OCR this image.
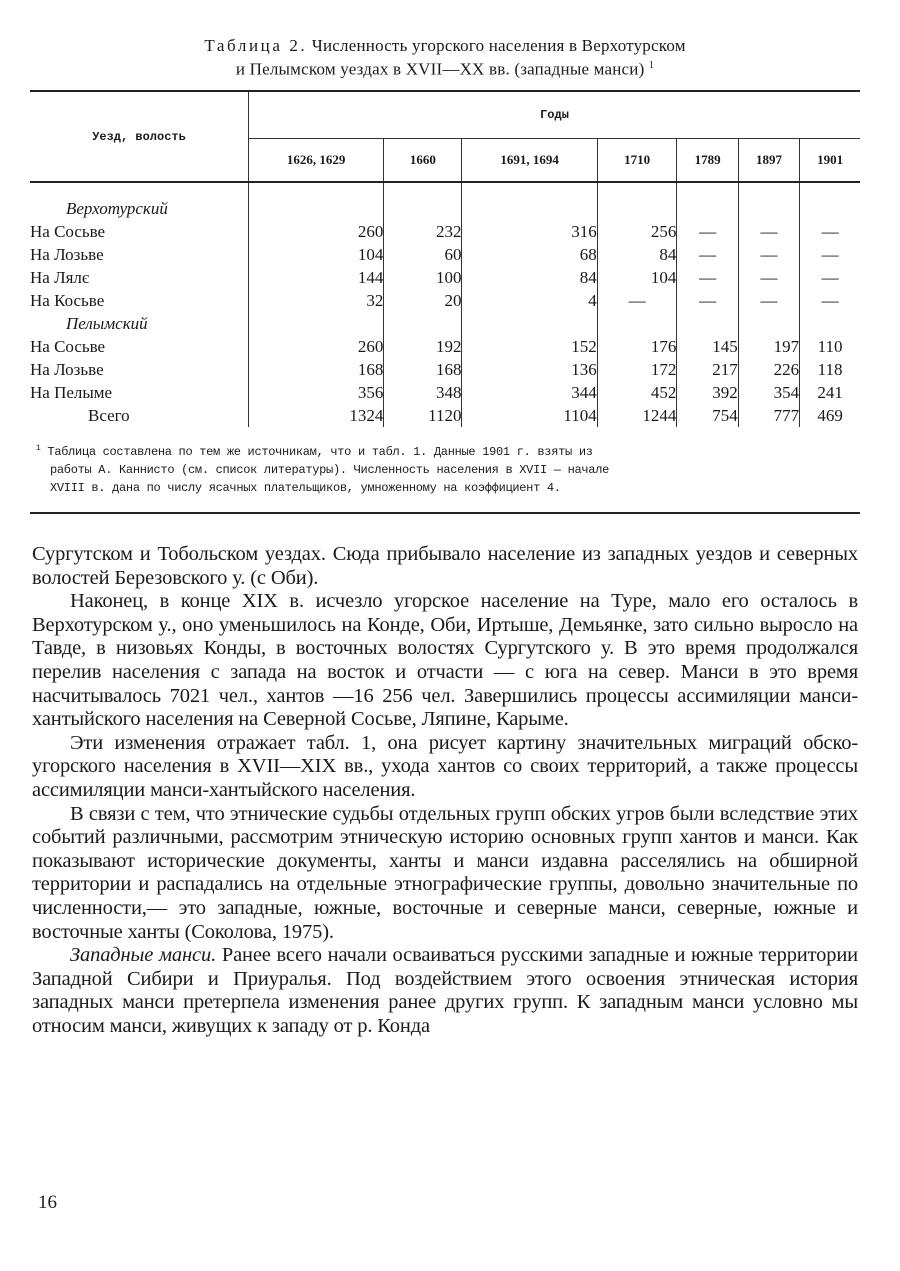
Таблица 2. Численность угорского населения в Верхотурском
и Пелымском уездах в XVII—XX вв. (западные манси) $^1$
Уезд, волость	Годы						
	1626, 1629	1660	1691, 1694	1710	1789	1897	1901

Верхотурский							
На Сосьве	260	232	316	256	—	—	—
На Лозьве	104	60	68	84	—	—	—
На Лялє	144	100	84	104	—	—	—
На Косьве	32	20	4	—	—	—	—
Пелымский							
На Сосьве	260	192	152	176	145	197	110
На Лозьве	168	168	136	172	217	226	118
На Пелыме	356	348	344	452	392	354	241
Всего	1324	1120	1104	1244	754	777	469

$^1$ Таблица составлена по тем же источникам, что и табл. 1. Данные 1901 г. взяты из

работы А. Каннисто (см. список литературы). Численность населения в XVII — начале

XVIII в. дана по числу ясачных плательщиков, умноженному на коэффициент 4.

Сургутском и Тобольском уездах. Сюда прибывало население из западных уездов и северных волостей Березовского у. (с Оби).

Наконец, в конце XIX в. исчезло угорское население на Туре, мало его осталось в Верхотурском у., оно уменьшилось на Конде, Оби, Иртыше, Демьянке, зато сильно выросло на Тавде, в низовьях Конды, в восточных волостях Сургутского у. В это время продолжался перелив населения с запада на восток и отчасти — с юга на север. Манси в это время насчитывалось 7021 чел., хантов —16 256 чел. Завершились процессы ассимиляции манси-хантыйского населения на Северной Сосьве, Ляпине, Карыме.

Эти изменения отражает табл. 1, она рисует картину значительных миграций обско-угорского населения в XVII—XIX вв., ухода хантов со своих территорий, а также процессы ассимиляции манси-хантыйского населения.

В связи с тем, что этнические судьбы отдельных групп обских угров были вследствие этих событий различными, рассмотрим этническую историю основных групп хантов и манси. Как показывают исторические документы, ханты и манси издавна расселялись на обширной территории и распадались на отдельные этнографические группы, довольно значительные по численности,— это западные, южные, восточные и северные манси, северные, южные и восточные ханты (Соколова, 1975).

Западные манси. Ранее всего начали осваиваться русскими западные и южные территории Западной Сибири и Приуралья. Под воздействием этого освоения этническая история западных манси претерпела изменения ранее других групп. К западным манси условно мы относим манси, живущих к западу от р. Конда

16
